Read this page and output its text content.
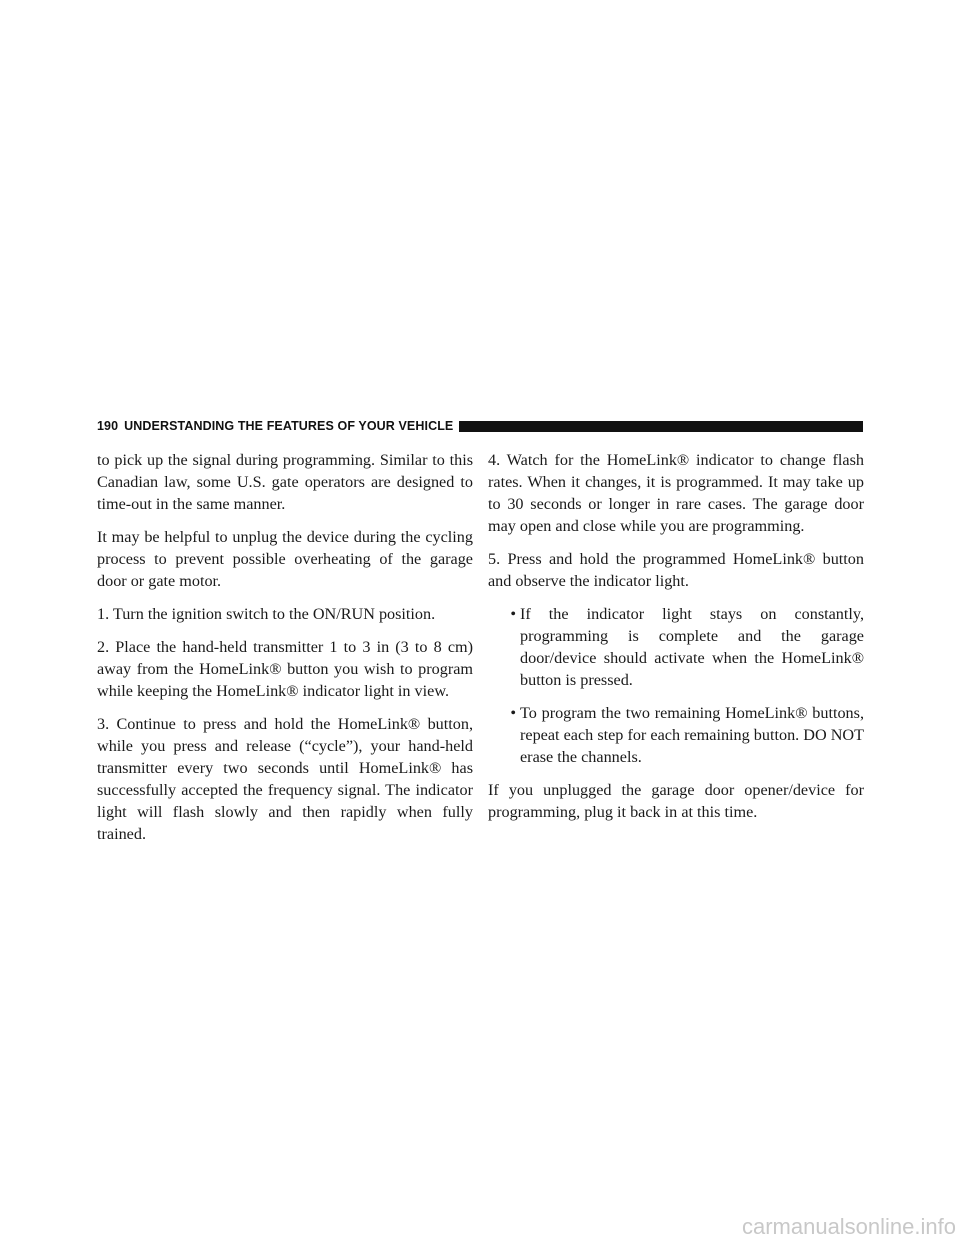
190 UNDERSTANDING THE FEATURES OF YOUR VEHICLE

to pick up the signal during programming. Similar to this Canadian law, some U.S. gate operators are designed to time-out in the same manner.

It may be helpful to unplug the device during the cycling process to prevent possible overheating of the garage door or gate motor.

1. Turn the ignition switch to the ON/RUN position.

2. Place the hand-held transmitter 1 to 3 in (3 to 8 cm) away from the HomeLink® button you wish to program while keeping the HomeLink® indicator light in view.

3. Continue to press and hold the HomeLink® button, while you press and release (“cycle”), your hand-held transmitter every two seconds until HomeLink® has successfully accepted the frequency signal. The indicator light will flash slowly and then rapidly when fully trained.

4. Watch for the HomeLink® indicator to change flash rates. When it changes, it is programmed. It may take up to 30 seconds or longer in rare cases. The garage door may open and close while you are programming.

5. Press and hold the programmed HomeLink® button and observe the indicator light.

• If the indicator light stays on constantly, programming is complete and the garage door/device should activate when the HomeLink® button is pressed.
• To program the two remaining HomeLink® buttons, repeat each step for each remaining button. DO NOT erase the channels.

If you unplugged the garage door opener/device for programming, plug it back in at this time.

carmanualsonline.info
